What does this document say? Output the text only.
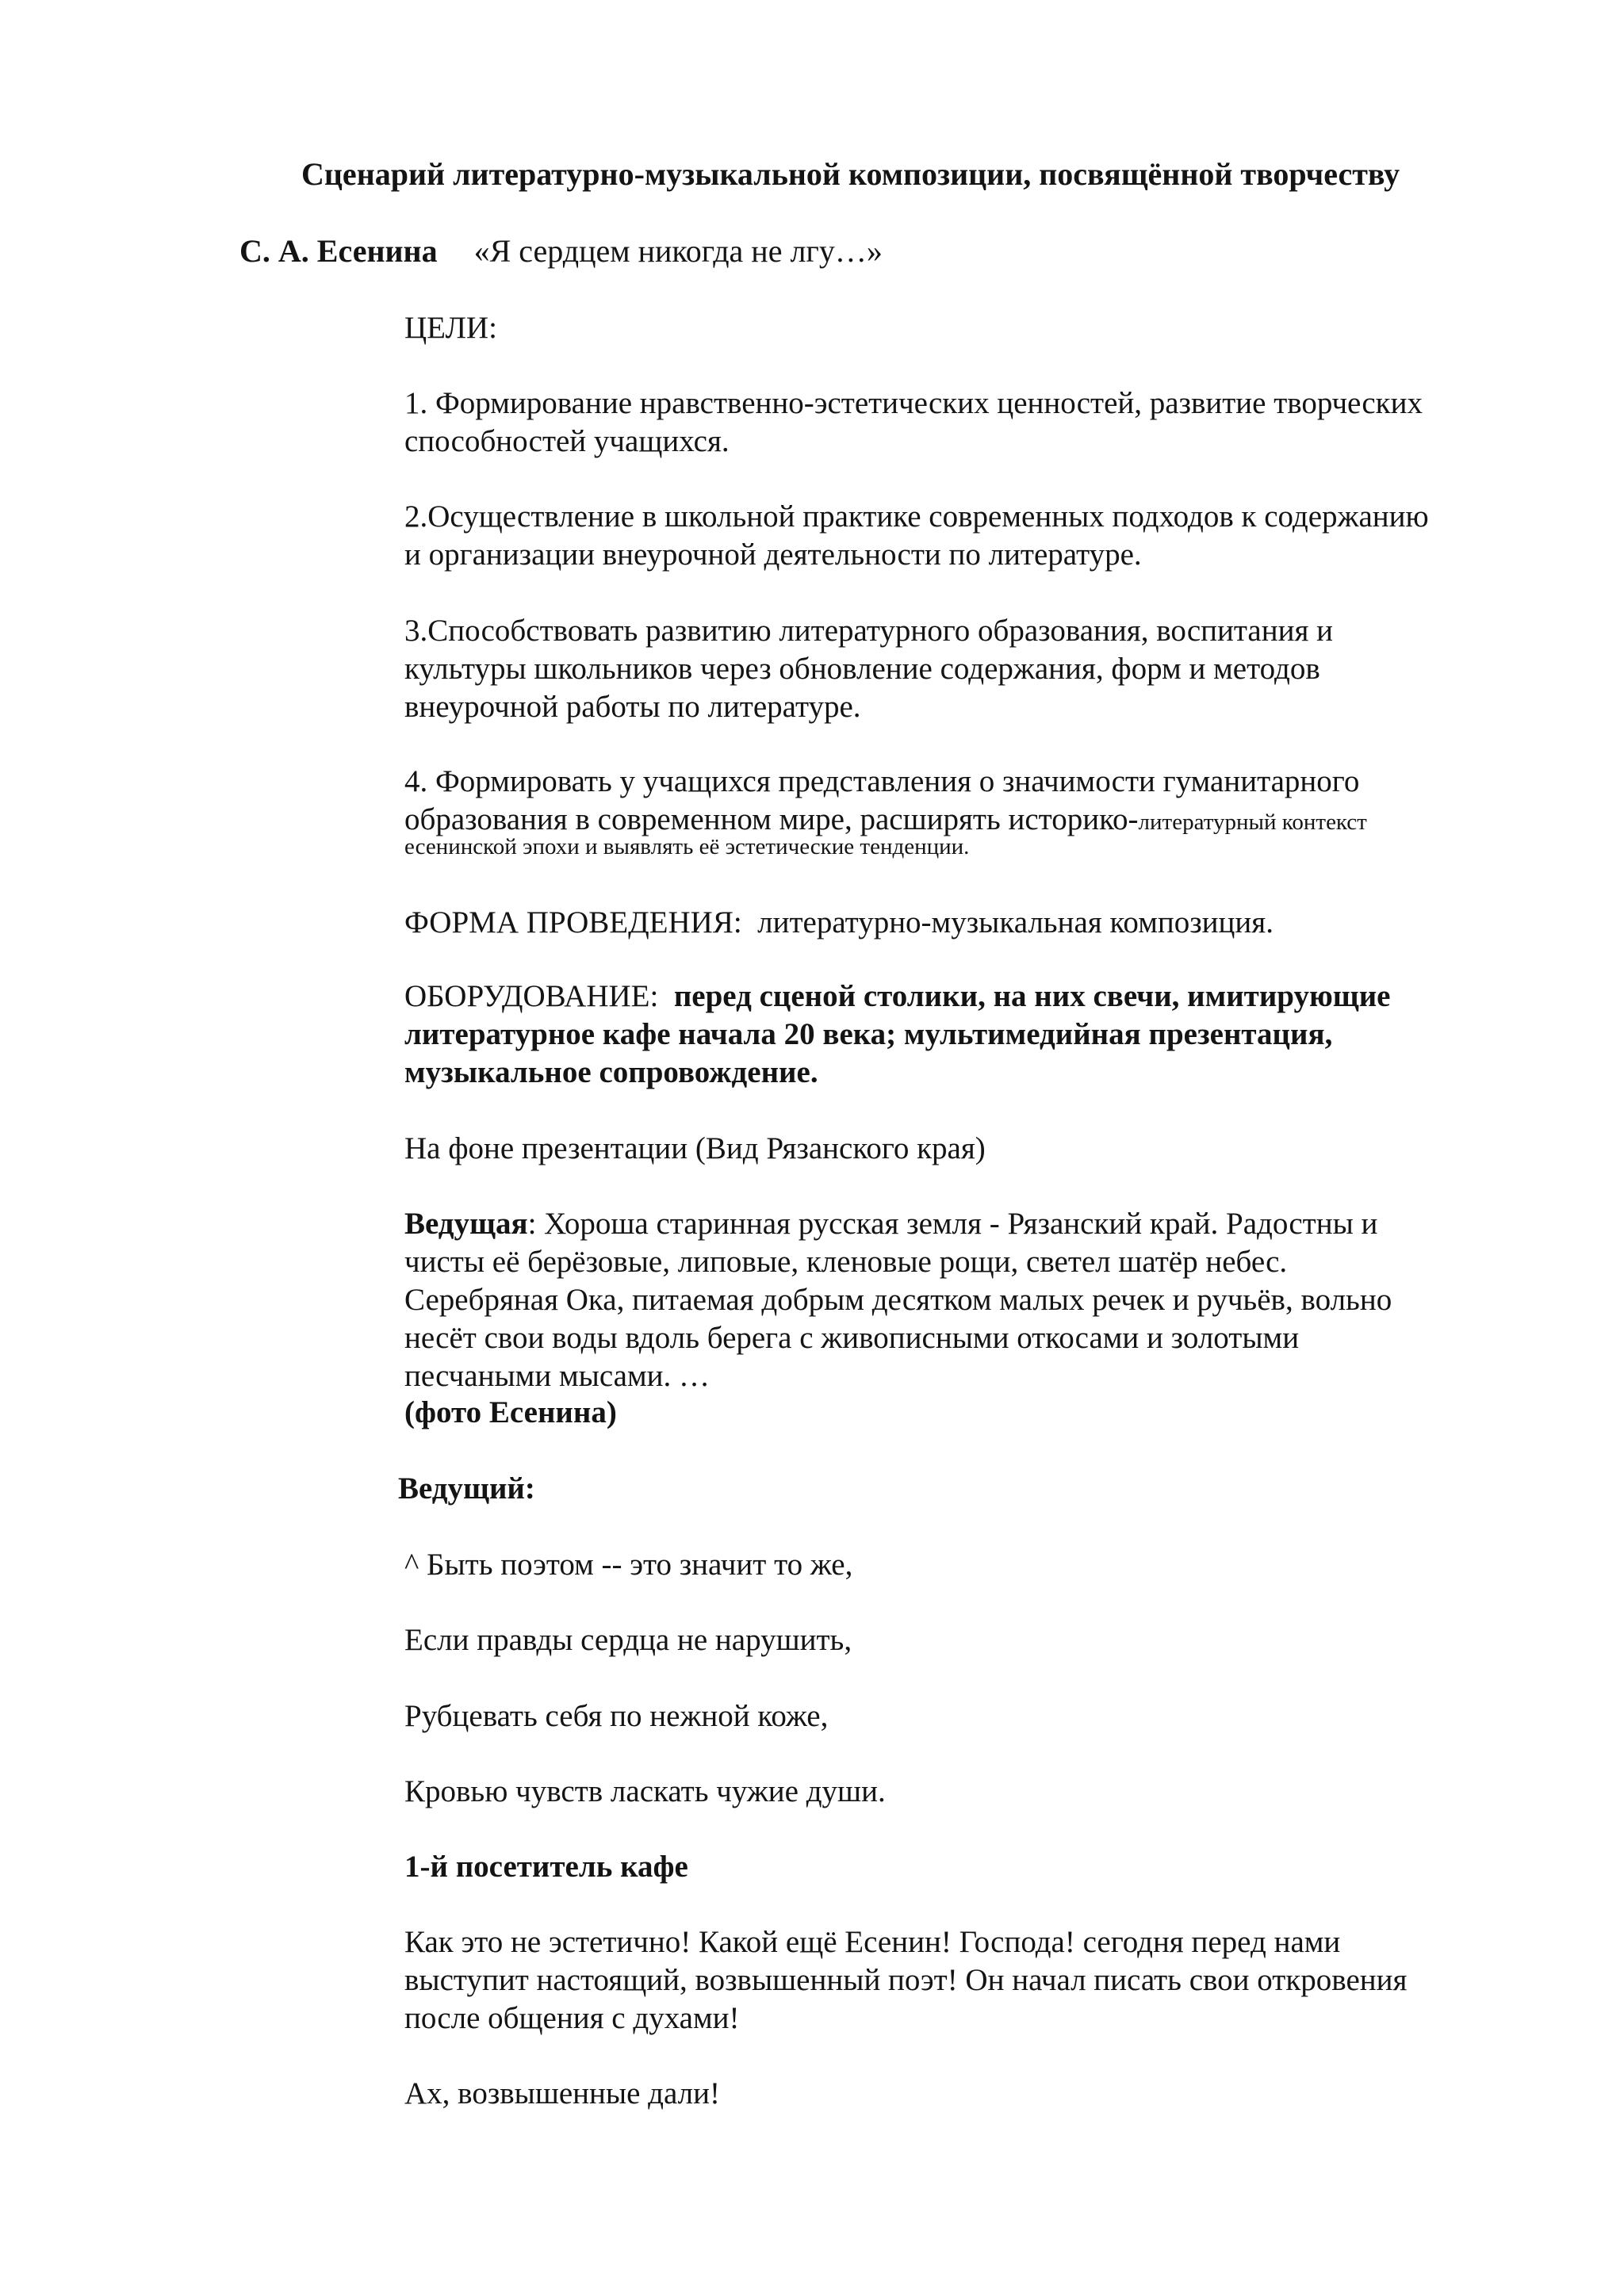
Сценарий литературно-музыкальной композиции, посвящённой творчеству

С. А. Есенина «Я сердцем никогда не лгу…»

ЦЕЛИ:

1. Формирование нравственно-эстетических ценностей, развитие творческих

способностей учащихся.

2.Осуществление в школьной практике современных подходов к содержанию

и организации внеурочной деятельности по литературе.

3.Способствовать развитию литературного образования, воспитания и

культуры школьников через обновление содержания, форм и методов

внеурочной работы по литературе.

4. Формировать у учащихся представления о значимости гуманитарного

образования в современном мире, расширять историко-литературный контекст

есенинской эпохи и выявлять её эстетические тенденции.

ФОРМА ПРОВЕДЕНИЯ: литературно-музыкальная композиция.

ОБОРУДОВАНИЕ: перед сценой столики, на них свечи, имитирующие

литературное кафе начала 20 века; мультимедийная презентация,

музыкальное сопровождение.

На фоне презентации (Вид Рязанского края)

Ведущая: Хороша старинная русская земля - Рязанский край. Радостны и

чисты её берёзовые, липовые, кленовые рощи, светел шатёр небес.

Серебряная Ока, питаемая добрым десятком малых речек и ручьёв, вольно

несёт свои воды вдоль берега с живописными откосами и золотыми

песчаными мысами. …

(фото Есенина)

Ведущий:

^ Быть поэтом -- это значит то же,

Если правды сердца не нарушить,

Рубцевать себя по нежной коже,

Кровью чувств ласкать чужие души.

1-й посетитель кафе

Как это не эстетично! Какой ещё Есенин! Господа! сегодня перед нами

выступит настоящий, возвышенный поэт! Он начал писать свои откровения

после общения с духами!

Ах, возвышенные дали!
